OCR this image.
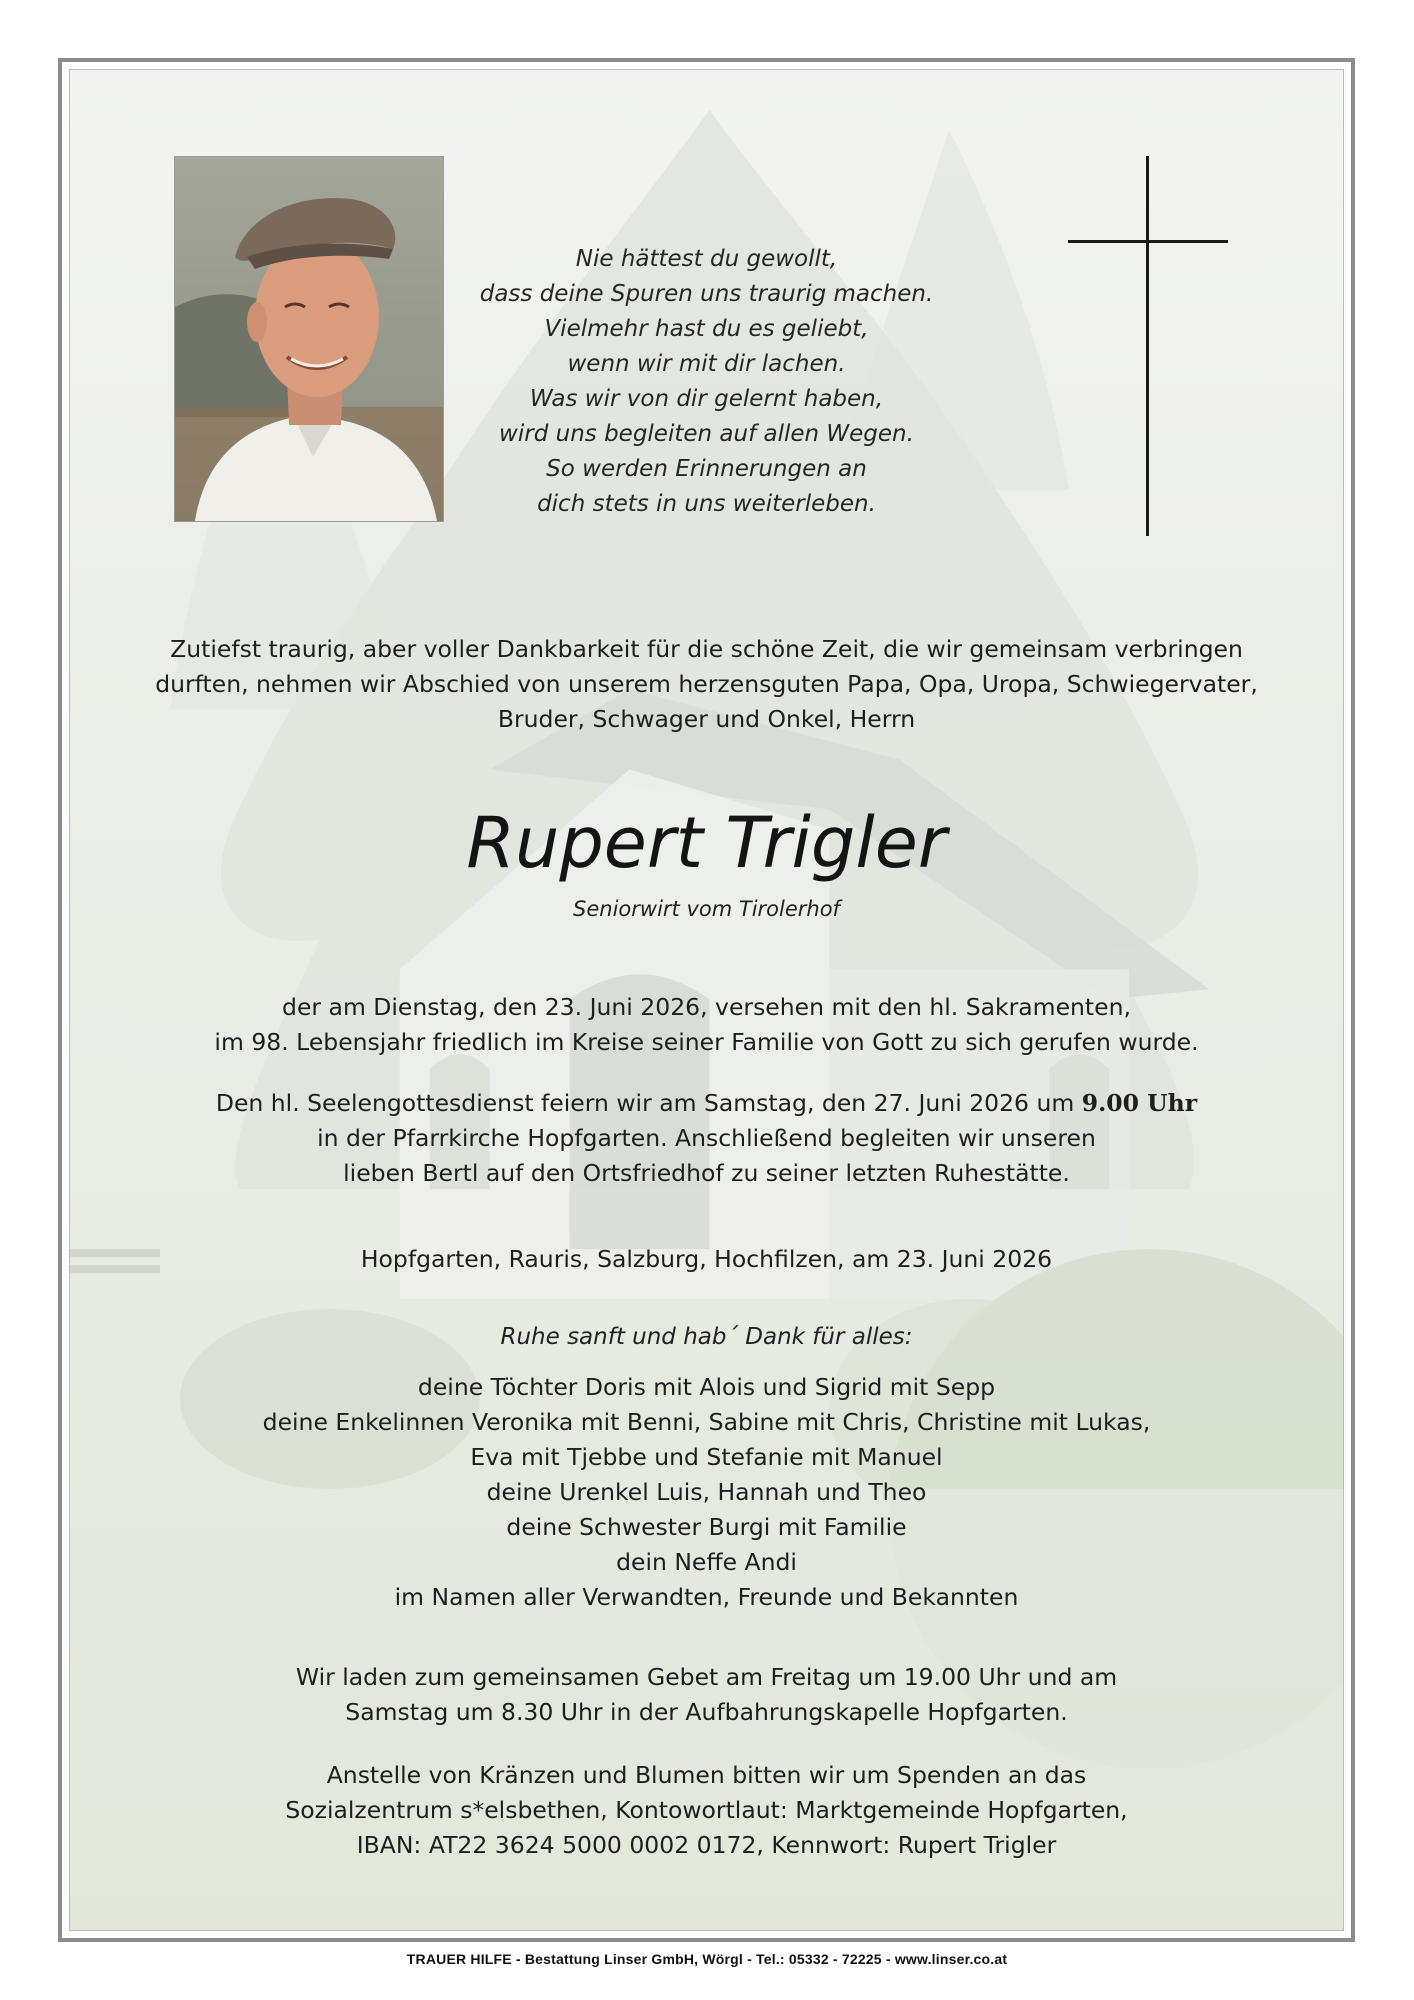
Nie hättest du gewollt,
dass deine Spuren uns traurig machen.
Vielmehr hast du es geliebt,
wenn wir mit dir lachen.
Was wir von dir gelernt haben,
wird uns begleiten auf allen Wegen.
So werden Erinnerungen an
dich stets in uns weiterleben.
Zutiefst traurig, aber voller Dankbarkeit für die schöne Zeit, die wir gemeinsam verbringen
durften, nehmen wir Abschied von unserem herzensguten Papa, Opa, Uropa, Schwiegervater,
Bruder, Schwager und Onkel, Herrn
Rupert Trigler
Seniorwirt vom Tirolerhof
der am Dienstag, den 23. Juni 2026, versehen mit den hl. Sakramenten,
im 98. Lebensjahr friedlich im Kreise seiner Familie von Gott zu sich gerufen wurde.
Den hl. Seelengottesdienst feiern wir am Samstag, den 27. Juni 2026 um 9.00 Uhr
in der Pfarrkirche Hopfgarten. Anschließend begleiten wir unseren
lieben Bertl auf den Ortsfriedhof zu seiner letzten Ruhestätte.
Hopfgarten, Rauris, Salzburg, Hochfilzen, am 23. Juni 2026
Ruhe sanft und hab´ Dank für alles:
deine Töchter Doris mit Alois und Sigrid mit Sepp
deine Enkelinnen Veronika mit Benni, Sabine mit Chris, Christine mit Lukas,
Eva mit Tjebbe und Stefanie mit Manuel
deine Urenkel Luis, Hannah und Theo
deine Schwester Burgi mit Familie
dein Neffe Andi
im Namen aller Verwandten, Freunde und Bekannten
Wir laden zum gemeinsamen Gebet am Freitag um 19.00 Uhr und am
Samstag um 8.30 Uhr in der Aufbahrungskapelle Hopfgarten.
Anstelle von Kränzen und Blumen bitten wir um Spenden an das
Sozialzentrum s*elsbethen, Kontowortlaut: Marktgemeinde Hopfgarten,
IBAN: AT22 3624 5000 0002 0172, Kennwort: Rupert Trigler
TRAUER HILFE - Bestattung Linser GmbH, Wörgl - Tel.: 05332 - 72225 - www.linser.co.at
